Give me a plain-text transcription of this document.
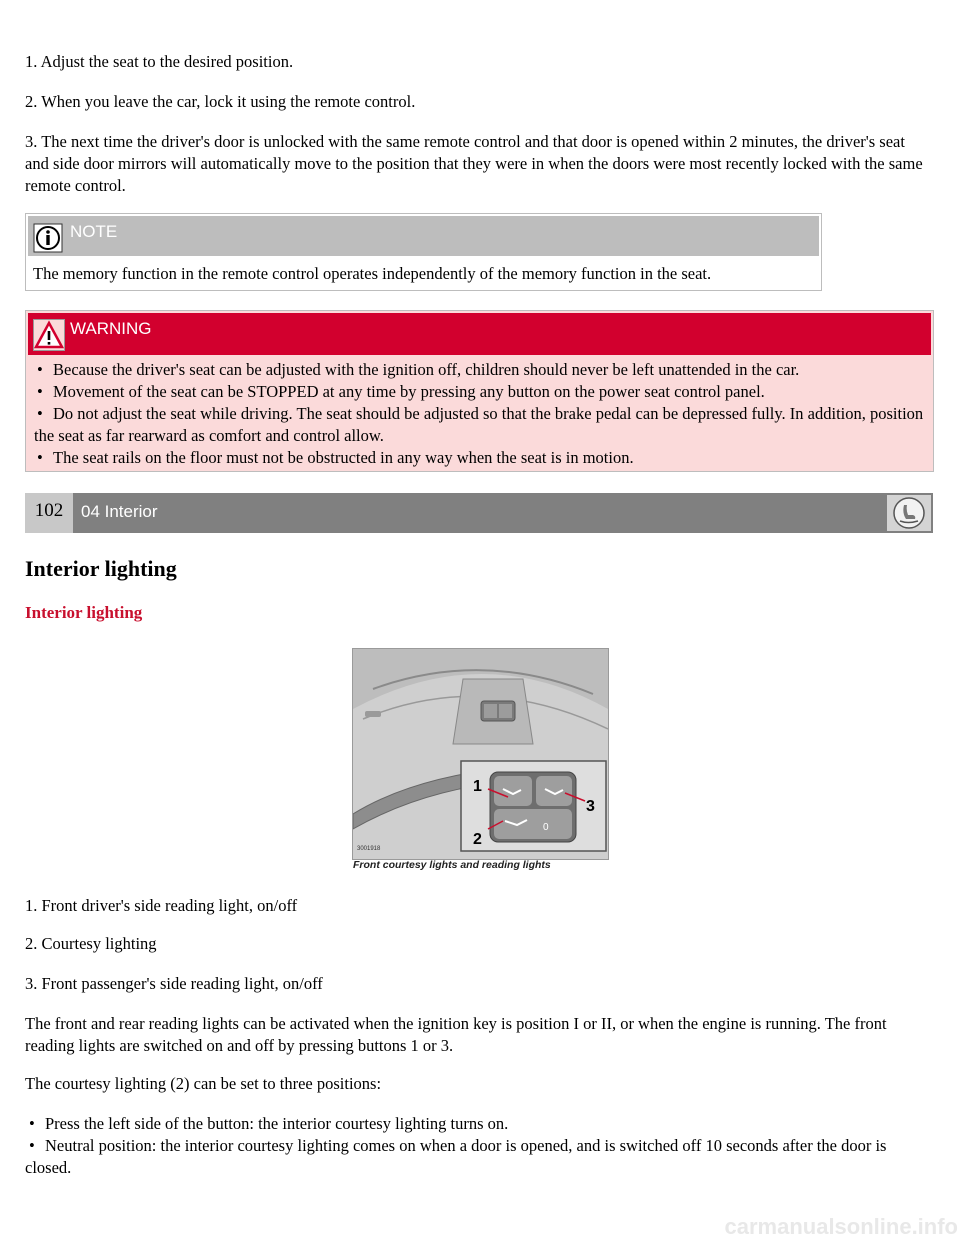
1. Adjust the seat to the desired position.

2. When you leave the car, lock it using the remote control.

3. The next time the driver's door is unlocked with the same remote control and that door is opened within 2 minutes, the driver's seat and side door mirrors will automatically move to the position that they were in when the doors were most recently locked with the same remote control.

NOTE
The memory function in the remote control operates independently of the memory function in the seat.
WARNING
• Because the driver's seat can be adjusted with the ignition off, children should never be left unattended in the car.
• Movement of the seat can be STOPPED at any time by pressing any button on the power seat control panel.
• Do not adjust the seat while driving. The seat should be adjusted so that the brake pedal can be depressed fully. In addition, position the seat as far rearward as comfort and control allow.
• The seat rails on the floor must not be obstructed in any way when the seat is in motion.
102	04 Interior
Interior lighting
Interior lighting
0
1
2
3
3001918
Front courtesy lights and reading lights

1. Front driver's side reading light, on/off

2. Courtesy lighting

3. Front passenger's side reading light, on/off

The front and rear reading lights can be activated when the ignition key is position I or II, or when the engine is running. The front reading lights are switched on and off by pressing buttons 1 or 3.

The courtesy lighting (2) can be set to three positions:

• Press the left side of the button: the interior courtesy lighting turns on.
• Neutral position: the interior courtesy lighting comes on when a door is opened, and is switched off 10 seconds after the door is closed.
carmanualsonline.info
